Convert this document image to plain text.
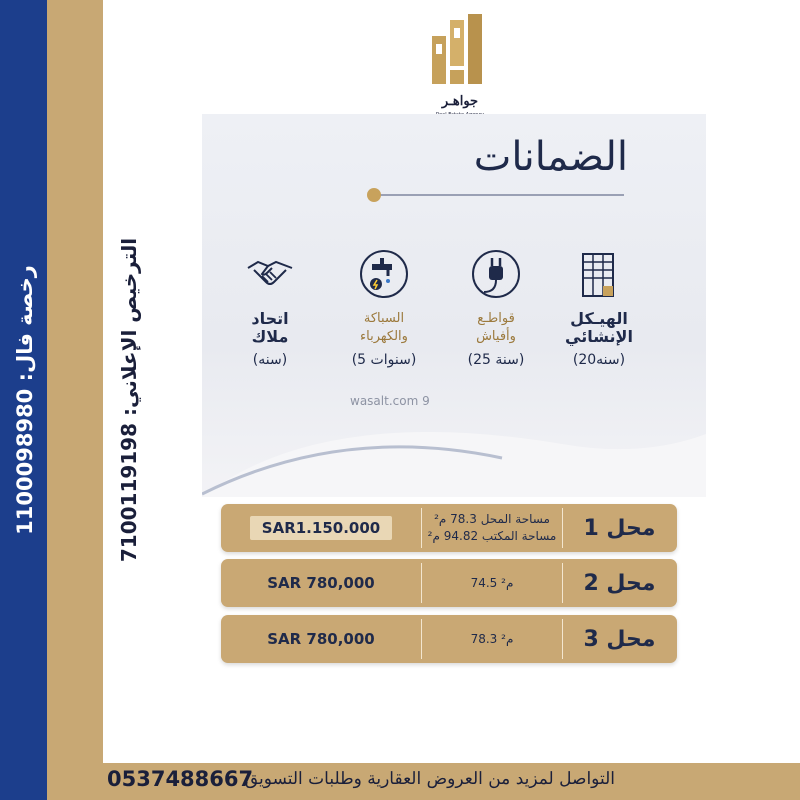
رخصة فال: 1100098980
الترخيص الإعلاني: 7100119198
جواهـر
الضمانات
الهيـكل
الإنشائي
(20سنه)
قواطـع
وأفياش
(25 سنة)
السباكة
والكهرباء
(5 سنوات)
اتحاد
ملاك
(سنه)
wasalt.com 9
محل 1
مساحة المحل 78.3 م²
مساحة المكتب 94.82 م²
SAR1.150.000
محل 2
74.5 م²
SAR 780,000
محل 3
78.3 م²
SAR 780,000
التواصل لمزيد من العروض العقارية وطلبات التسويق
0537488667
